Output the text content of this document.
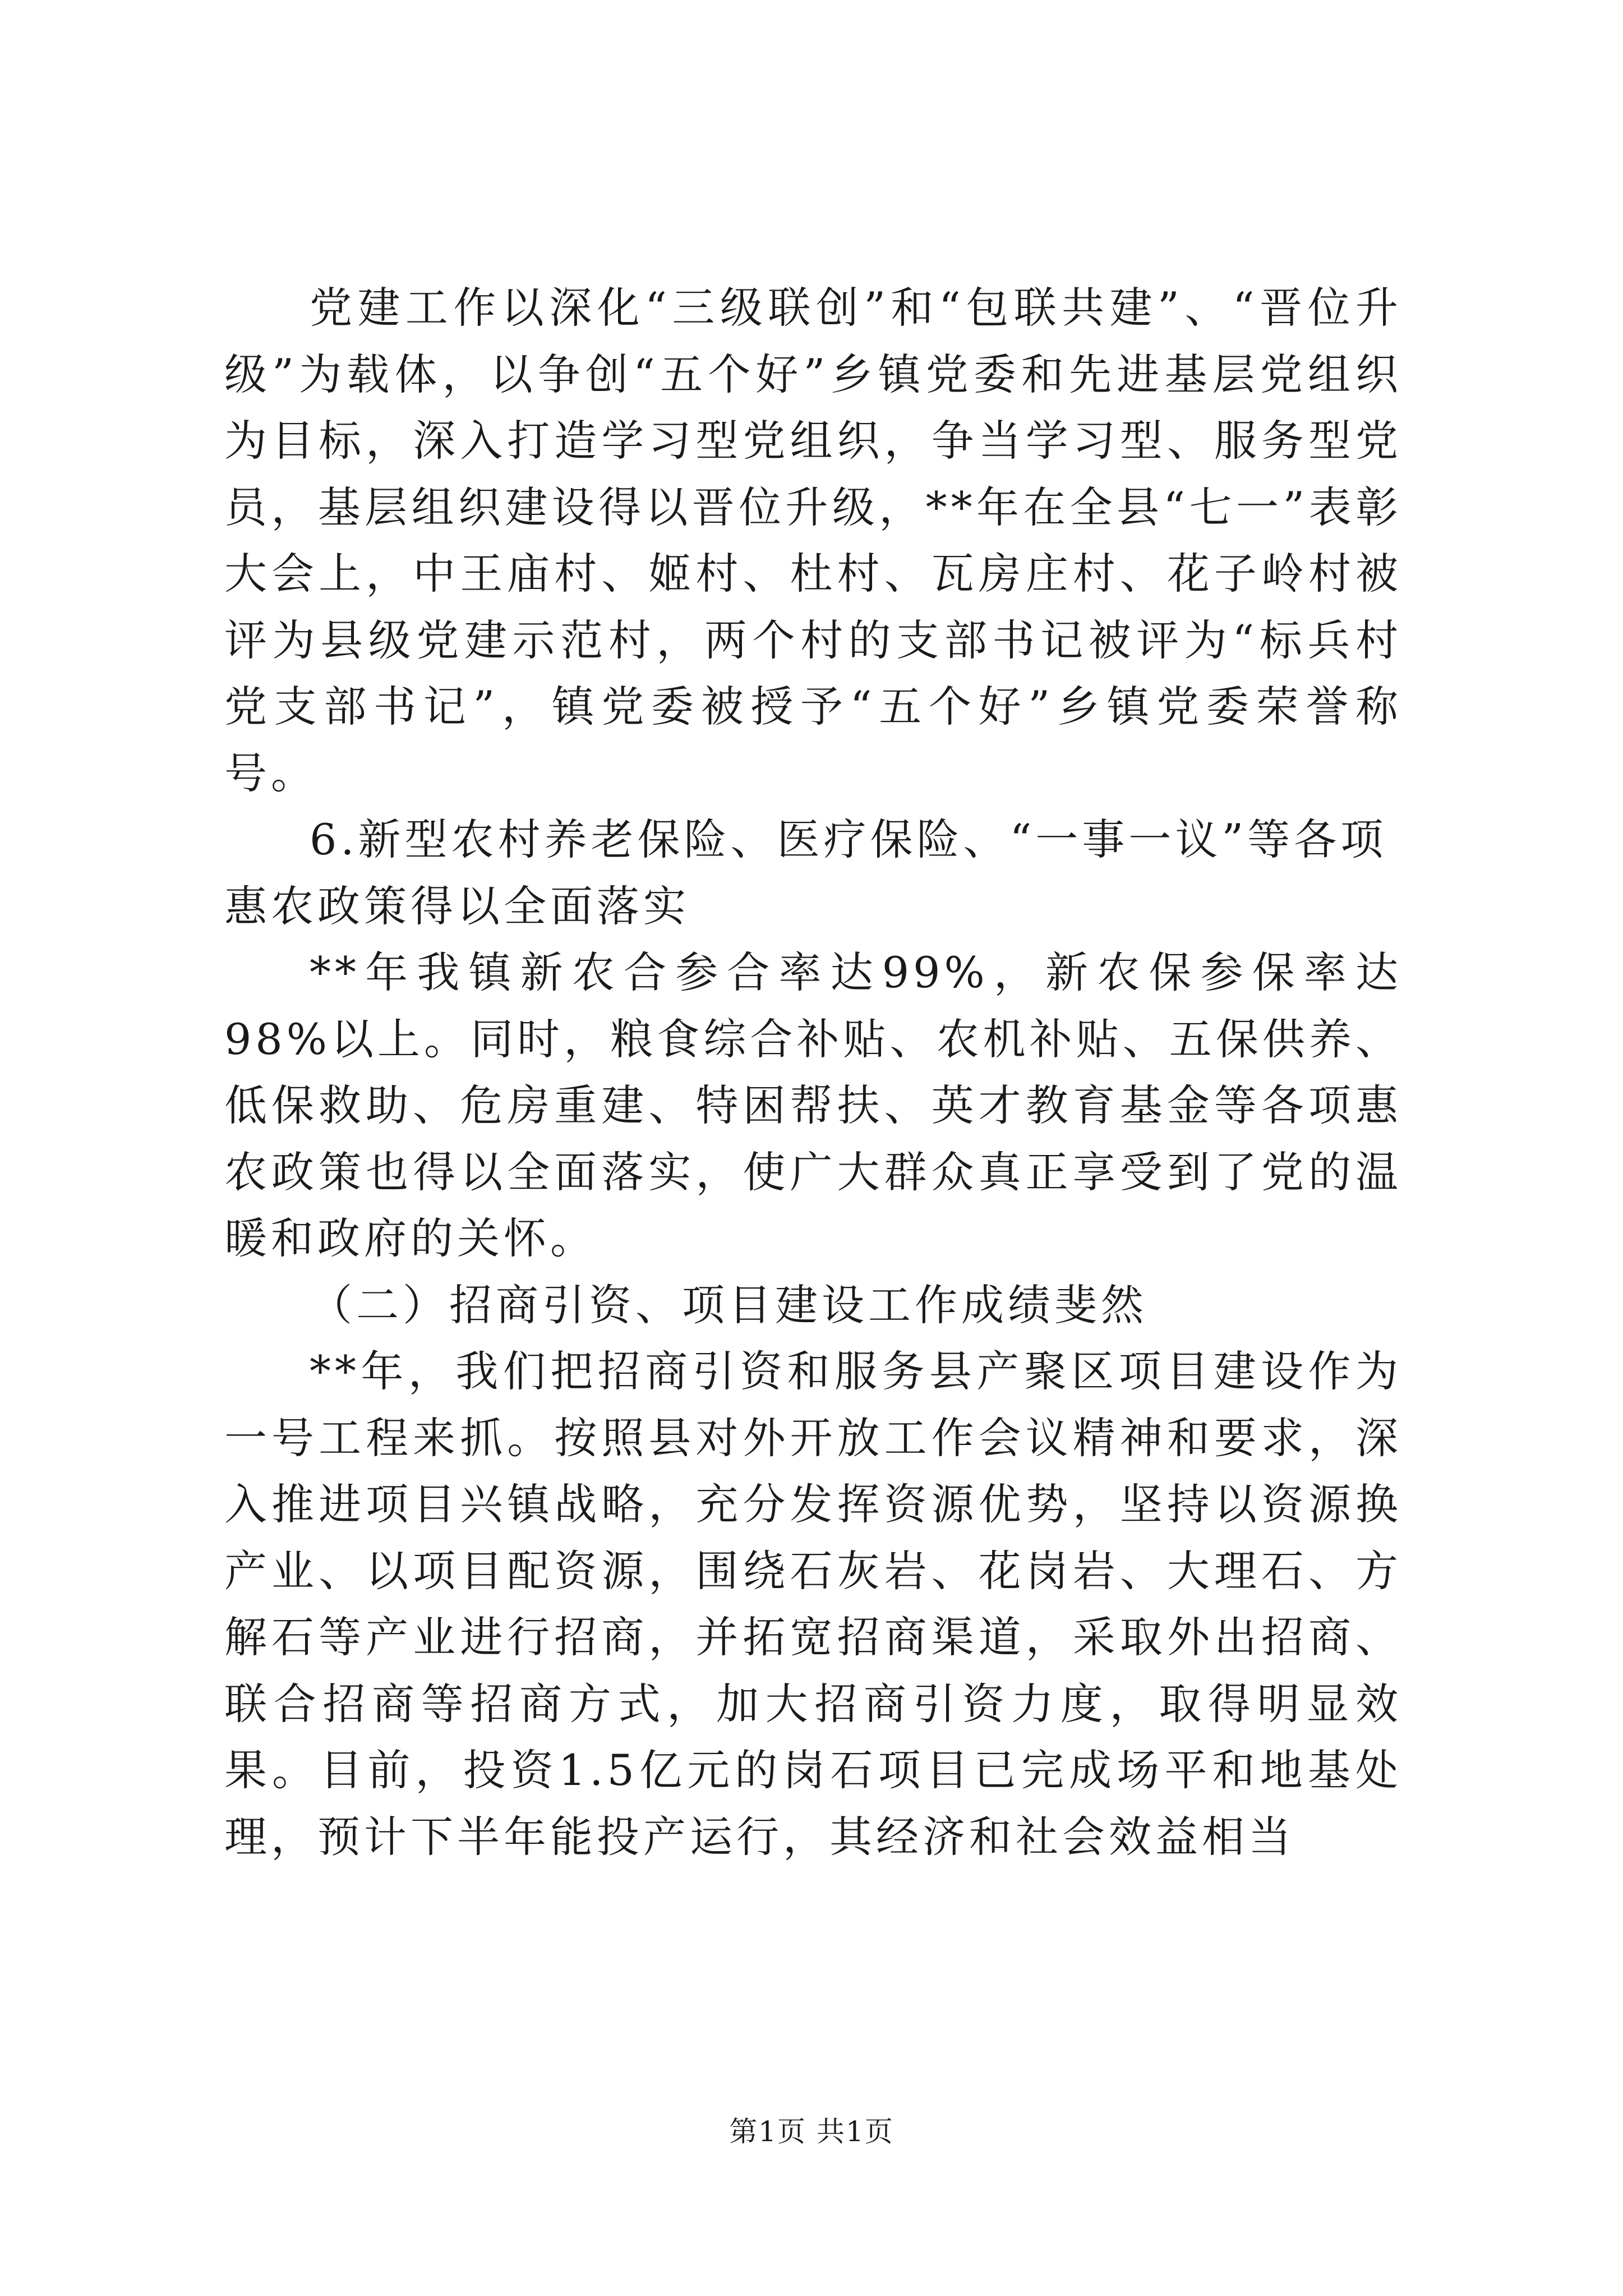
党建工作以深化“三级联创”和“包联共建”、“晋位升级”为载体，以争创“五个好”乡镇党委和先进基层党组织为目标，深入打造学习型党组织，争当学习型、服务型党员，基层组织建设得以晋位升级，**年在全县“七一”表彰大会上，中王庙村、姬村、杜村、瓦房庄村、花子岭村被评为县级党建示范村，两个村的支部书记被评为“标兵村党支部书记”，镇党委被授予“五个好”乡镇党委荣誉称号。

6.新型农村养老保险、医疗保险、“一事一议”等各项惠农政策得以全面落实

**年我镇新农合参合率达99%，新农保参保率达98%以上。同时，粮食综合补贴、农机补贴、五保供养、低保救助、危房重建、特困帮扶、英才教育基金等各项惠农政策也得以全面落实，使广大群众真正享受到了党的温暖和政府的关怀。

（二）招商引资、项目建设工作成绩斐然

**年，我们把招商引资和服务县产聚区项目建设作为一号工程来抓。按照县对外开放工作会议精神和要求，深入推进项目兴镇战略，充分发挥资源优势，坚持以资源换产业、以项目配资源，围绕石灰岩、花岗岩、大理石、方解石等产业进行招商，并拓宽招商渠道，采取外出招商、联合招商等招商方式，加大招商引资力度，取得明显效果。目前，投资1.5亿元的岗石项目已完成场平和地基处理，预计下半年能投产运行，其经济和社会效益相当

第1页 共1页
